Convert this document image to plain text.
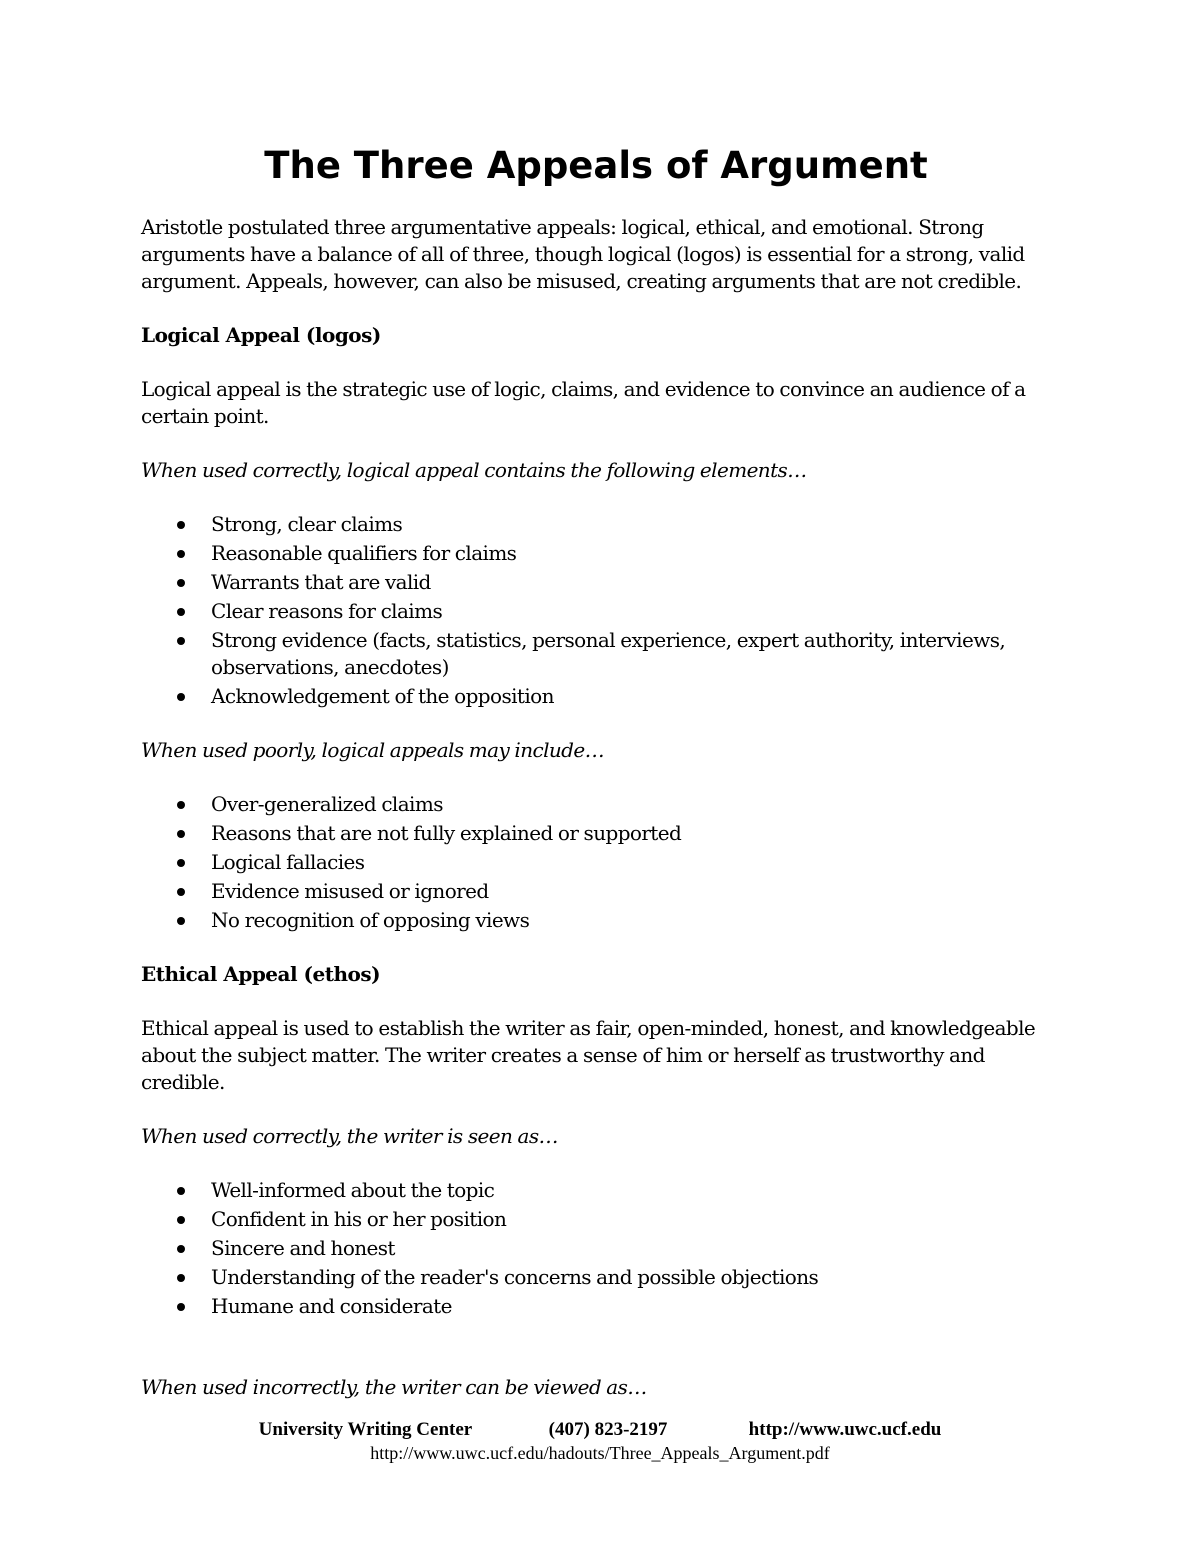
The Three Appeals of Argument

Aristotle postulated three argumentative appeals: logical, ethical, and emotional. Strong arguments have a balance of all of three, though logical (logos) is essential for a strong, valid argument. Appeals, however, can also be misused, creating arguments that are not credible.

Logical Appeal (logos)

Logical appeal is the strategic use of logic, claims, and evidence to convince an audience of a certain point.

When used correctly, logical appeal contains the following elements…

Strong, clear claims
Reasonable qualifiers for claims
Warrants that are valid
Clear reasons for claims
Strong evidence (facts, statistics, personal experience, expert authority, interviews, observations, anecdotes)
Acknowledgement of the opposition

When used poorly, logical appeals may include…

Over-generalized claims
Reasons that are not fully explained or supported
Logical fallacies
Evidence misused or ignored
No recognition of opposing views
Ethical Appeal (ethos)

Ethical appeal is used to establish the writer as fair, open-minded, honest, and knowledgeable about the subject matter. The writer creates a sense of him or herself as trustworthy and credible.

When used correctly, the writer is seen as…

Well-informed about the topic
Confident in his or her position
Sincere and honest
Understanding of the reader's concerns and possible objections
Humane and considerate

When used incorrectly, the writer can be viewed as…

University Writing Center	(407) 823-2197	http://www.uwc.ucf.edu
http://www.uwc.ucf.edu/hadouts/Three_Appeals_Argument.pdf
